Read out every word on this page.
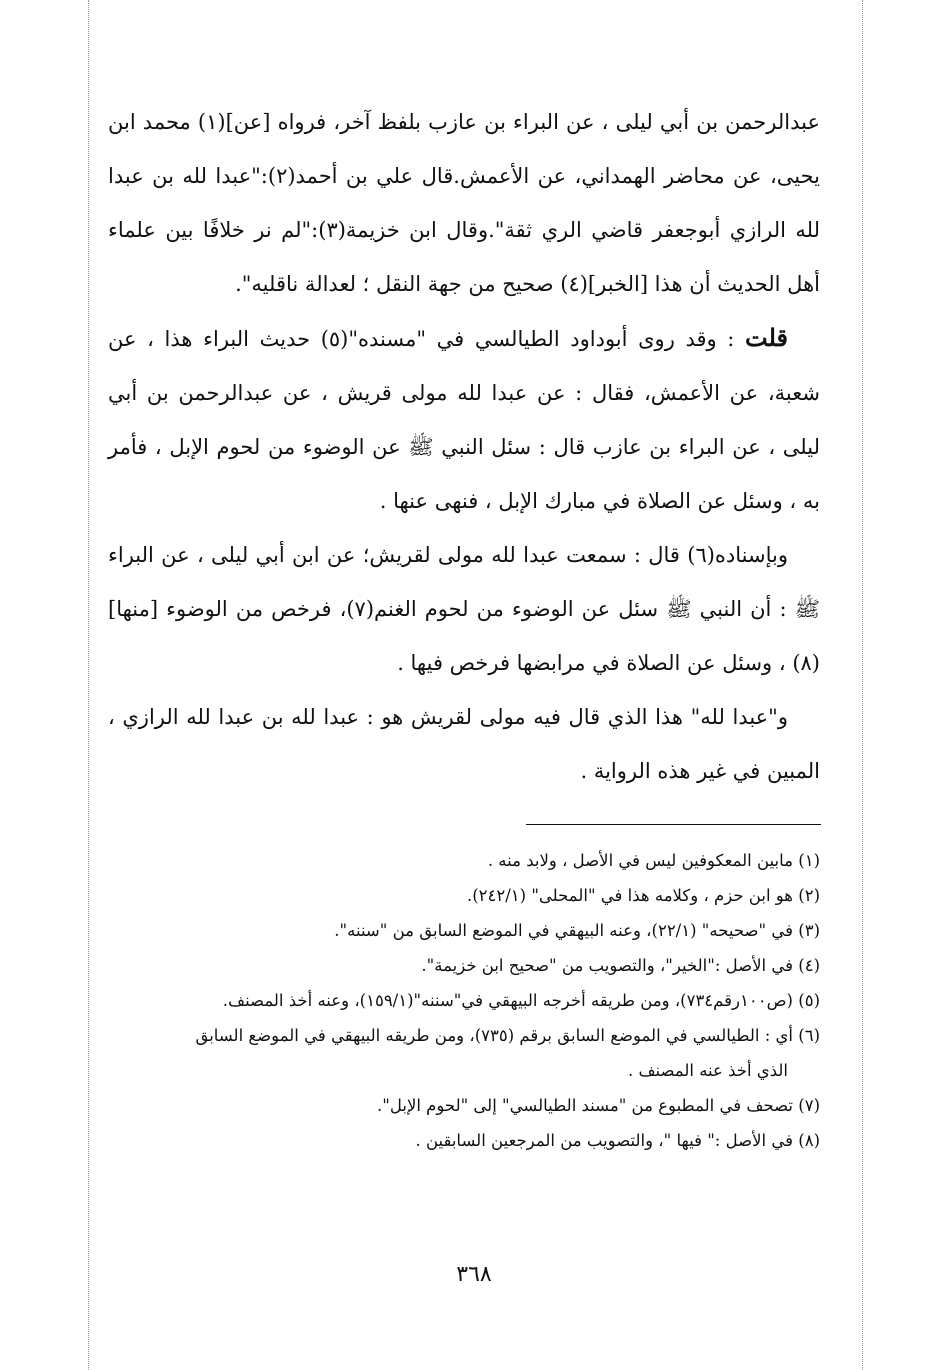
عبدالرحمن بن أبي ليلى ، عن البراء بن عازب بلفظ آخر، فرواه [عن](١) محمد ابن يحيى، عن محاضر الهمداني، عن الأعمش.قال علي بن أحمد(٢):"عبدا لله بن عبدا لله الرازي أبوجعفر قاضي الري ثقة".وقال ابن خزيمة(٣):"لم نر خلافًا بين علماء أهل الحديث أن هذا [الخبر](٤) صحيح من جهة النقل ؛ لعدالة ناقليه".

قلت : وقد روى أبوداود الطيالسي في "مسنده"(٥) حديث البراء هذا ، عن شعبة، عن الأعمش، فقال : عن عبدا لله مولى قريش ، عن عبدالرحمن بن أبي ليلى ، عن البراء بن عازب قال : سئل النبي ﷺ عن الوضوء من لحوم الإبل ، فأمر به ، وسئل عن الصلاة في مبارك الإبل ، فنهى عنها .

وبإسناده(٦) قال : سمعت عبدا لله مولى لقريش؛ عن ابن أبي ليلى ، عن البراء ﷺ : أن النبي ﷺ سئل عن الوضوء من لحوم الغنم(٧)، فرخص من الوضوء [منها](٨) ، وسئل عن الصلاة في مرابضها فرخص فيها .

و"عبدا لله" هذا الذي قال فيه مولى لقريش هو : عبدا لله بن عبدا لله الرازي ، المبين في غير هذه الرواية .

(١) مابين المعكوفين ليس في الأصل ، ولابد منه .

(٢) هو ابن حزم ، وكلامه هذا في "المحلى" (٢٤٢/١).

(٣) في "صحيحه" (٢٢/١)، وعنه البيهقي في الموضع السابق من "سننه".

(٤) في الأصل :"الخير"، والتصويب من "صحيح ابن خزيمة".

(٥) (ص١٠٠رقم٧٣٤)، ومن طريقه أخرجه البيهقي في"سننه"(١٥٩/١)، وعنه أخذ المصنف.

(٦) أي : الطيالسي في الموضع السابق برقم (٧٣٥)، ومن طريقه البيهقي في الموضع السابق
الذي أخذ عنه المصنف .

(٧) تصحف في المطبوع من "مسند الطيالسي" إلى "لحوم الإبل".

(٨) في الأصل :" فيها "، والتصويب من المرجعين السابقين .

٣٦٨
